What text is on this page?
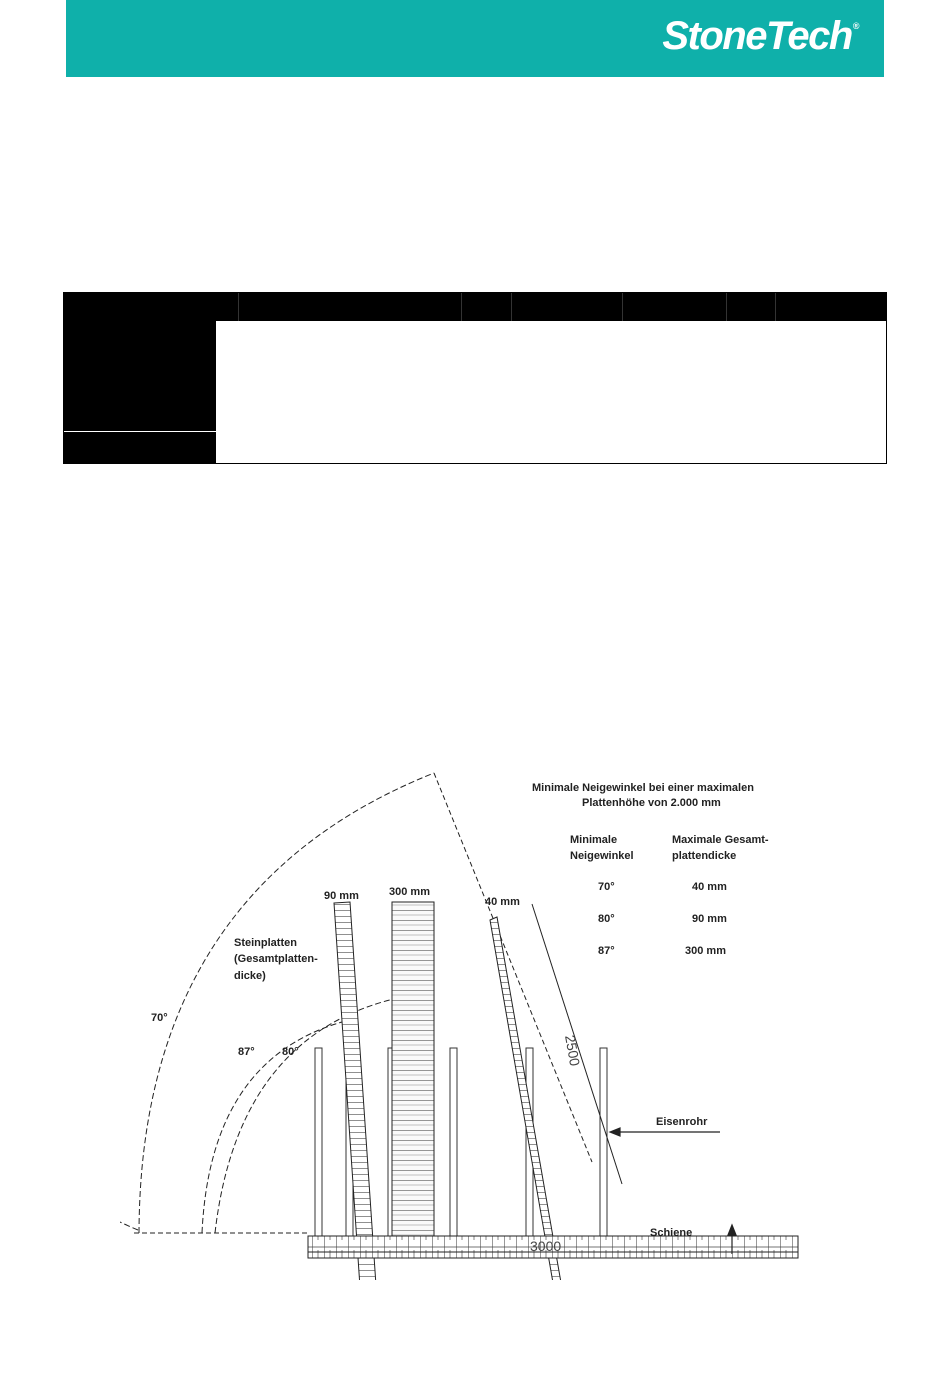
StoneTech®
2500
3000
Minimale Neigewinkel bei einer maximalen
Plattenhöhe von 2.000 mm
Minimale
Neigewinkel
Maximale Gesamt-
plattendicke
70°	40 mm
80°	90 mm
87°	300 mm
90 mm	300 mm
40 mm
Steinplatten
(Gesamtplatten-
dicke)
70°
87° 80°
Eisenrohr
Schiene
